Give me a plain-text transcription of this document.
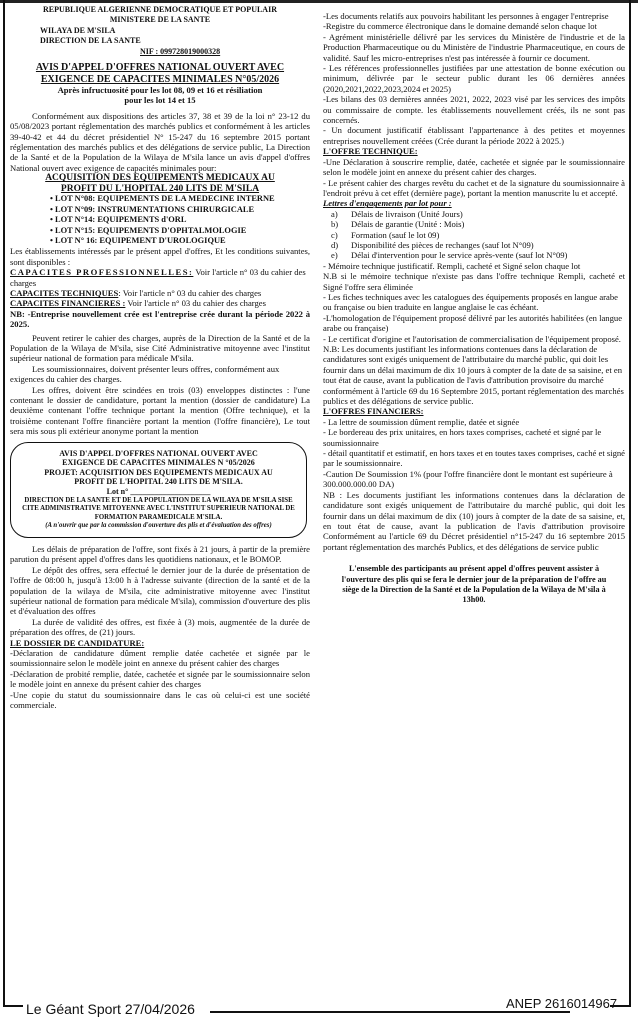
REPUBLIQUE ALGERIENNE DEMOCRATIQUE ET POPULAIR
MINISTERE DE LA SANTE
WILAYA DE M'SILA
DIRECTION DE LA SANTE
NIF : 099728019000328
AVIS D'APPEL D'OFFRES NATIONAL OUVERT AVEC
EXIGENCE DE CAPACITES MINIMALES N°05/2026
Après infructuosité pour les lot 08, 09 et 16 et résiliation pour les lot 14 et 15

Conformément aux dispositions des articles 37, 38 et 39 de la loi n° 23-12 du 05/08/2023 portant réglementation des marchés publics et conformément à les articles 39-40-42 et 44 du décret présidentiel N° 15-247 du 16 septembre 2015 portant réglementation des marchés publics et des délégations de service public, La Direction de la Santé et de la Population de la Wilaya de M'sila lance un avis d'appel d'offres National ouvert avec exigence de capacités minimales pour:

ACQUISITION DES EQUIPEMENTS MEDICAUX AU PROFIT DU L'HOPITAL 240 LITS DE M'SILA
• LOT N°08: EQUIPEMENTS DE LA MEDECINE INTERNE
• LOT N°09: INSTRUMENTATIONS CHIRURGICALE
• LOT N°14: EQUIPEMENTS d'ORL
• LOT N°15: EQUIPEMENTS D'OPHTALMOLOGIE
• LOT N° 16: EQUIPEMENT D'UROLOGIQUE

Les établissements intéressés par le présent appel d'offres, Et les conditions suivantes, sont disponibles :

CAPACITES PROFESSIONNELLES: Voir l'article n° 03 du cahier des charges

CAPACITES TECHNIQUES: Voir l'article n° 03 du cahier des charges

CAPACITES FINANCIERES : Voir l'article n° 03 du cahier des charges

NB: -Entreprise nouvellement crée est l'entreprise crée durant la période 2022 à 2025.

Peuvent retirer le cahier des charges, auprès de la Direction de la Santé et de la Population de la Wilaya de M'sila, sise Cité Administrative mitoyenne avec l'institut supérieur national de formation para médicale M'sila.

Les soumissionnaires, doivent présenter leurs offres, conformément aux exigences du cahier des charges.

Les offres, doivent être scindées en trois (03) enveloppes distinctes : l'une contenant le dossier de candidature, portant la mention (dossier de candidature) La deuxième contenant l'offre technique portant la mention (Offre technique), et la troisième contenant l'offre financière portant la mention (l'offre financière), Le tout sera mis sous pli extérieur anonyme portant la mention

AVIS D'APPEL D'OFFRES NATIONAL OUVERT AVEC
EXIGENCE DE CAPACITES MINIMALES N °05/2026
PROJET: ACQUISITION DES EQUIPEMENTS MEDICAUX AU
PROFIT DE L'HOPITAL 240 LITS DE M'SILA.
Lot n° ____________________
DIRECTION DE LA SANTE ET DE LA POPULATION DE LA WILAYA DE M'SILA SISE CITE ADMINISTRATIVE MITOYENNE AVEC L'INSTITUT SUPERIEUR NATIONAL DE FORMATION PARAMEDICALE M'SILA.
(A n'ouvrir que par la commission d'ouverture des plis et d'évaluation des offres)

Les délais de préparation de l'offre, sont fixés à 21 jours, à partir de la première parution du présent appel d'offres dans les quotidiens nationaux, et le BOMOP.

Le dépôt des offres, sera effectué le dernier jour de la durée de présentation de l'offre de 08:00 h, jusqu'à 13:00 h à l'adresse suivante (direction de la santé et de la population de la wilaya de M'sila, cite administrative mitoyenne avec l'institut supérieur national de formation para médicale M'sila), commission d'ouverture des plis et d'évaluation des offres

La durée de validité des offres, est fixée à (3) mois, augmentée de la durée de préparation des offres, de (21) jours.

LE DOSSIER DE CANDIDATURE:

-Déclaration de candidature dûment remplie datée cachetée et signée par le soumissionnaire selon le modèle joint en annexe du présent cahier des charges

-Déclaration de probité remplie, datée, cachetée et signée par le soumissionnaire selon le modèle joint en annexe du présent cahier des charges

-Une copie du statut du soumissionnaire dans le cas où celui-ci est une société commerciale.

-Les documents relatifs aux pouvoirs habilitant les personnes à engager l'entreprise

-Registre du commerce électronique dans le domaine demandé selon chaque lot

- Agrément ministérielle délivré par les services du Ministère de l'industrie et de la Production Pharmaceutique ou du Ministère de l'industrie Pharmaceutique, en cours de validité. Sauf les micro-entreprises n'est pas intéressée à fournir ce document.

- Les références professionnelles justifiées par une attestation de bonne exécution ou minimum, délivrée par le secteur public durant les 06 dernières années (2020,2021,2022,2023,2024 et 2025)

-Les bilans des 03 dernières années 2021, 2022, 2023 visé par les services des impôts ou commissaire de compte. les établissements nouvellement créés, ils ne sont pas concernés.

- Un document justificatif établissant l'appartenance à des petites et moyennes entreprises nouvellement créées (Crée durant la période 2022 à 2025.)

L'OFFRE TECHNIQUE:

-Une Déclaration à souscrire remplie, datée, cachetée et signée par le soumissionnaire selon le modèle joint en annexe du présent cahier des charges.

- Le présent cahier des charges revêtu du cachet et de la signature du soumissionnaire à l'endroit prévu à cet effet (dernière page), portant la mention manuscrite lu et accepté.

Lettres d'engagements par lot pour :

a) Délais de livraison (Unité Jours)
b) Délais de garantie (Unité : Mois)
c) Formation (sauf le lot 09)
d) Disponibilité des pièces de rechanges (sauf lot N°09)
e) Délai d'intervention pour le service après-vente (sauf lot N°09)

- Mémoire technique justificatif. Rempli, cacheté et Signé selon chaque lot

N.B si le mémoire technique n'existe pas dans l'offre technique Rempli, cacheté et Signé l'offre sera éliminée

- Les fiches techniques avec les catalogues des équipements proposés en langue arabe ou française ou bien traduite en langue anglaise le cas échéant.

-L'homologation de l'équipement proposé délivré par les autorités habilitées (en langue arabe ou française)

- Le certificat d'origine et l'autorisation de commercialisation de l'équipement proposé.

N.B: Les documents justifiant les informations contenues dans la déclaration de candidatures sont exigés uniquement de l'attributaire du marché public, qui doit les fournir dans un délai maximum de dix 10 jours à compter de la date de sa saisine, et en tout état de cause, avant la publication de l'avis d'attribution provisoire du marché conformément à l'article 69 du 16 Septembre 2015, portant réglementation des marchés publics et des délégations de service public.

L'OFFRES FINANCIERS:

- La lettre de soumission dûment remplie, datée et signée

- Le bordereau des prix unitaires, en hors taxes comprises, cacheté et signé par le soumissionnaire

- détail quantitatif et estimatif, en hors taxes et en toutes taxes comprises, caché et signé par le soumissionnaire.

-Caution De Soumission 1% (pour l'offre financière dont le montant est supérieure à 300.000.000.00 DA)

NB : Les documents justifiant les informations contenues dans la déclaration de candidature sont exigés uniquement de l'attributaire du marché public, qui doit les fournir dans un délai maximum de dix (10) jours à compter de la date de sa saisine, et, en tout état de cause, avant la publication de l'avis d'attribution provisoire Conformément au l'article 69 du Décret présidentiel n°15-247 du 16 septembre 2015 portant réglementation des marchés Publics, et des délégations de service public

L'ensemble des participants au présent appel d'offres peuvent assister à l'ouverture des plis qui se fera le dernier jour de la préparation de l'offre au siège de la Direction de la Santé et de la Population de la Wilaya de M'sila à 13h00.

Le Géant Sport 27/04/2026	ANEP 2616014967
